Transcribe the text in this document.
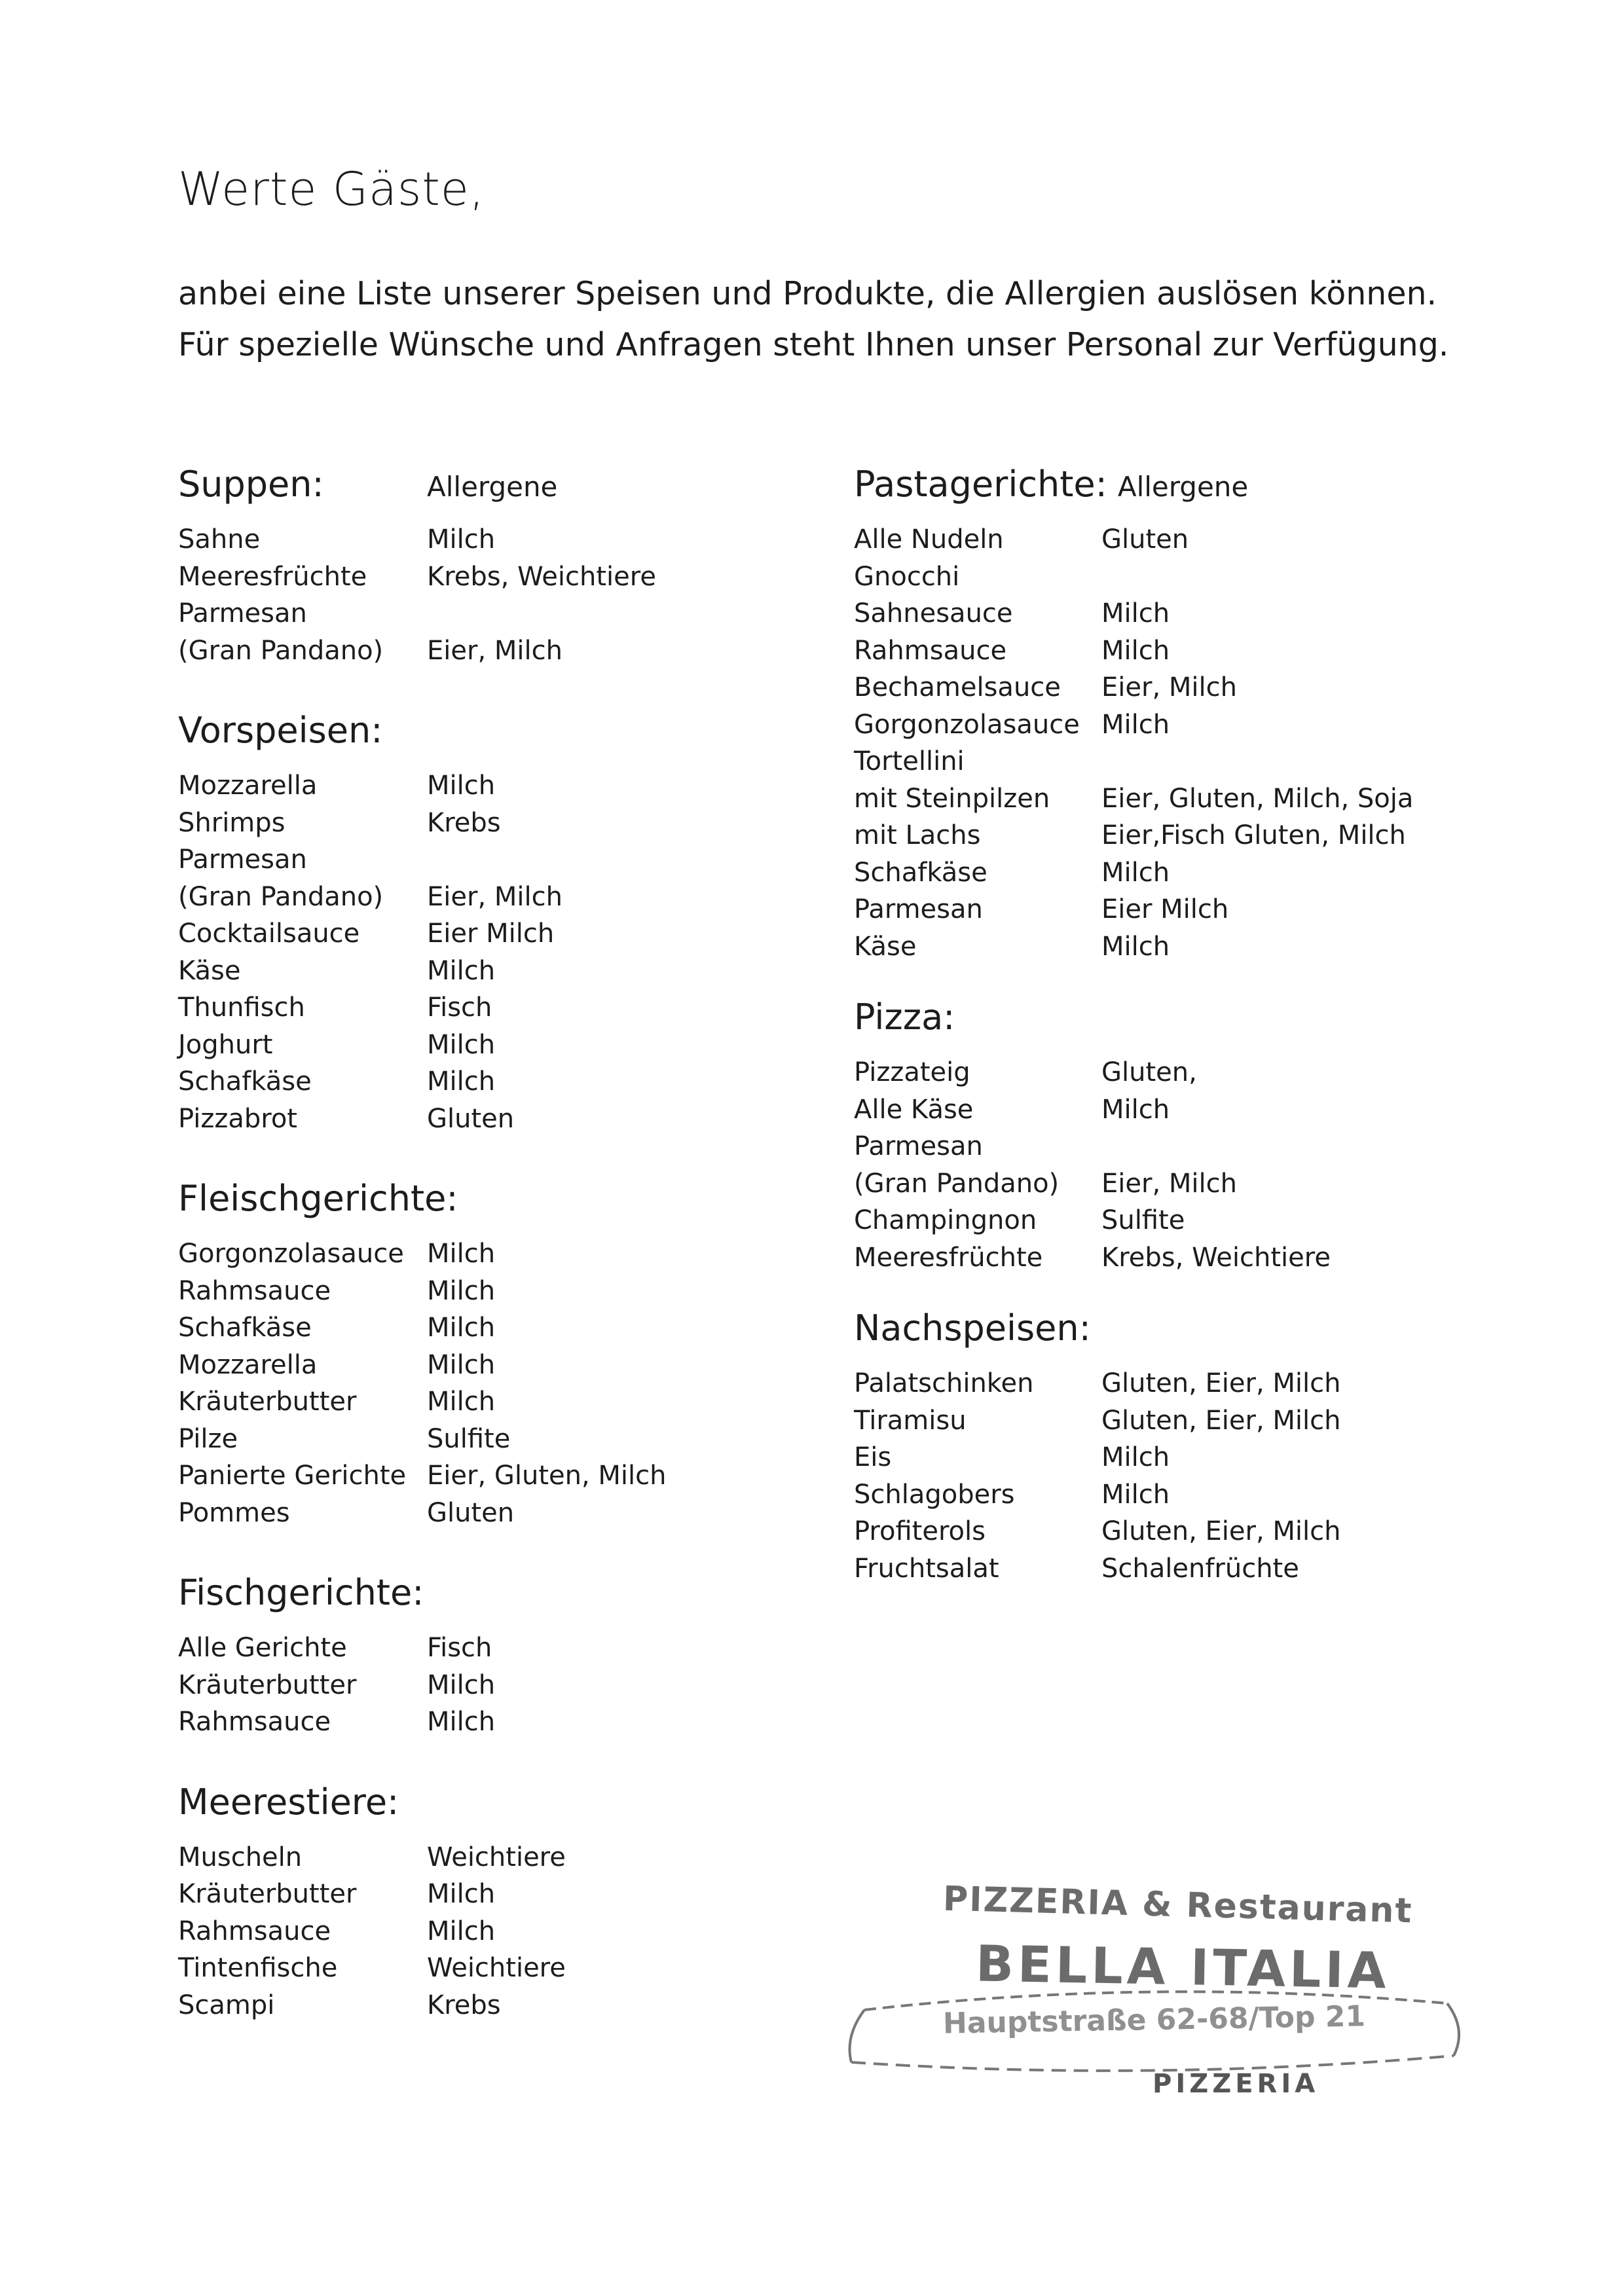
Werte Gäste,
anbei eine Liste unserer Speisen und Produkte, die Allergien auslösen können.
Für spezielle Wünsche und Anfragen steht Ihnen unser Personal zur Verfügung.
Suppen:	Allergene
Sahne	Milch
Meeresfrüchte	Krebs, Weichtiere
Parmesan
(Gran Pandano)	Eier, Milch
Vorspeisen:
Mozzarella	Milch
Shrimps	Krebs
Parmesan
(Gran Pandano)	Eier, Milch
Cocktailsauce	Eier Milch
Käse	Milch
Thunfisch	Fisch
Joghurt	Milch
Schafkäse	Milch
Pizzabrot	Gluten
Fleischgerichte:
Gorgonzolasauce Milch
Rahmsauce	Milch
Schafkäse	Milch
Mozzarella	Milch
Kräuterbutter	Milch
Pilze	Sulfite
Panierte Gerichte Eier, Gluten, Milch
Pommes	Gluten
Fischgerichte:
Alle Gerichte	Fisch
Kräuterbutter	Milch
Rahmsauce	Milch
Meerestiere:
Muscheln	Weichtiere
Kräuterbutter	Milch
Rahmsauce	Milch
Tintenfische	Weichtiere
Scampi	Krebs
Pastagerichte: Allergene
Alle Nudeln	Gluten
Gnocchi
Sahnesauce	Milch
Rahmsauce	Milch
Bechamelsauce	Eier, Milch
Gorgonzolasauce Milch
Tortellini
mit Steinpilzen	Eier, Gluten, Milch, Soja
mit Lachs	Eier,Fisch Gluten, Milch
Schafkäse	Milch
Parmesan	Eier Milch
Käse	Milch
Pizza:
Pizzateig	Gluten,
Alle Käse	Milch
Parmesan
(Gran Pandano)	Eier, Milch
Champingnon	Sulfite
Meeresfrüchte	Krebs, Weichtiere
Nachspeisen:
Palatschinken	Gluten, Eier, Milch
Tiramisu	Gluten, Eier, Milch
Eis	Milch
Schlagobers	Milch
Profiterols	Gluten, Eier, Milch
Fruchtsalat	Schalenfrüchte
PIZZERIA & Restaurant
BELLA ITALIA
Hauptstraße 62-68/Top 21
PIZZERIA
